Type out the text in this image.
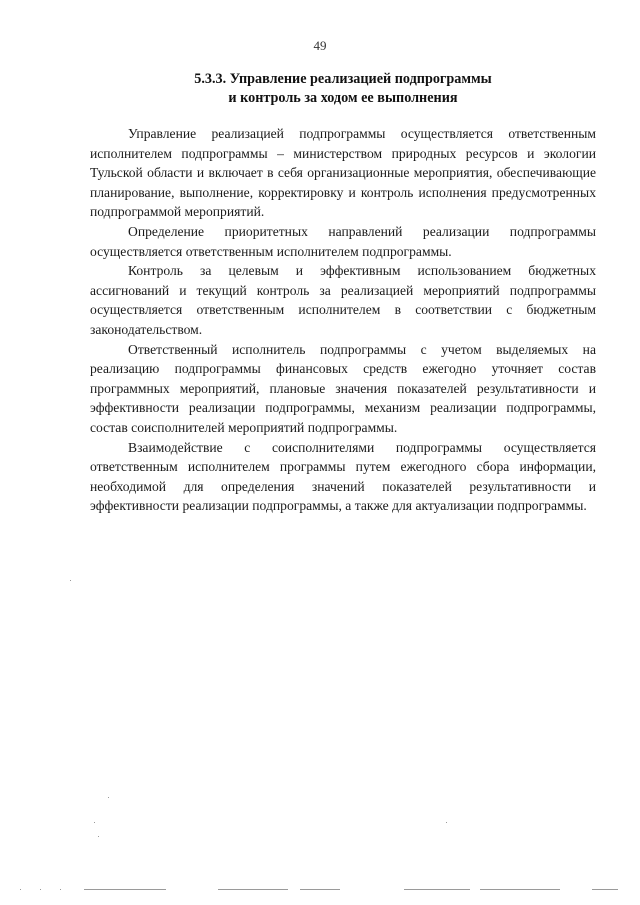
49
5.3.3. Управление реализацией подпрограммы
и контроль за ходом ее выполнения

Управление реализацией подпрограммы осуществляется ответственным исполнителем подпрограммы – министерством природных ресурсов и экологии Тульской области и включает в себя организационные мероприятия, обеспечивающие планирование, выполнение, корректировку и контроль исполнения предусмотренных подпрограммой мероприятий.

Определение приоритетных направлений реализации подпрограммы осуществляется ответственным исполнителем подпрограммы.

Контроль за целевым и эффективным использованием бюджетных ассигнований и текущий контроль за реализацией мероприятий подпрограммы осуществляется ответственным исполнителем в соответствии с бюджетным законодательством.

Ответственный исполнитель подпрограммы с учетом выделяемых на реализацию подпрограммы финансовых средств ежегодно уточняет состав программных мероприятий, плановые значения показателей результативности и эффективности реализации подпрограммы, механизм реализации подпрограммы, состав соисполнителей мероприятий подпрограммы.

Взаимодействие с соисполнителями подпрограммы осуществляется ответственным исполнителем программы путем ежегодного сбора информации, необходимой для определения значений показателей результативности и эффективности реализации подпрограммы, а также для актуализации подпрограммы.
